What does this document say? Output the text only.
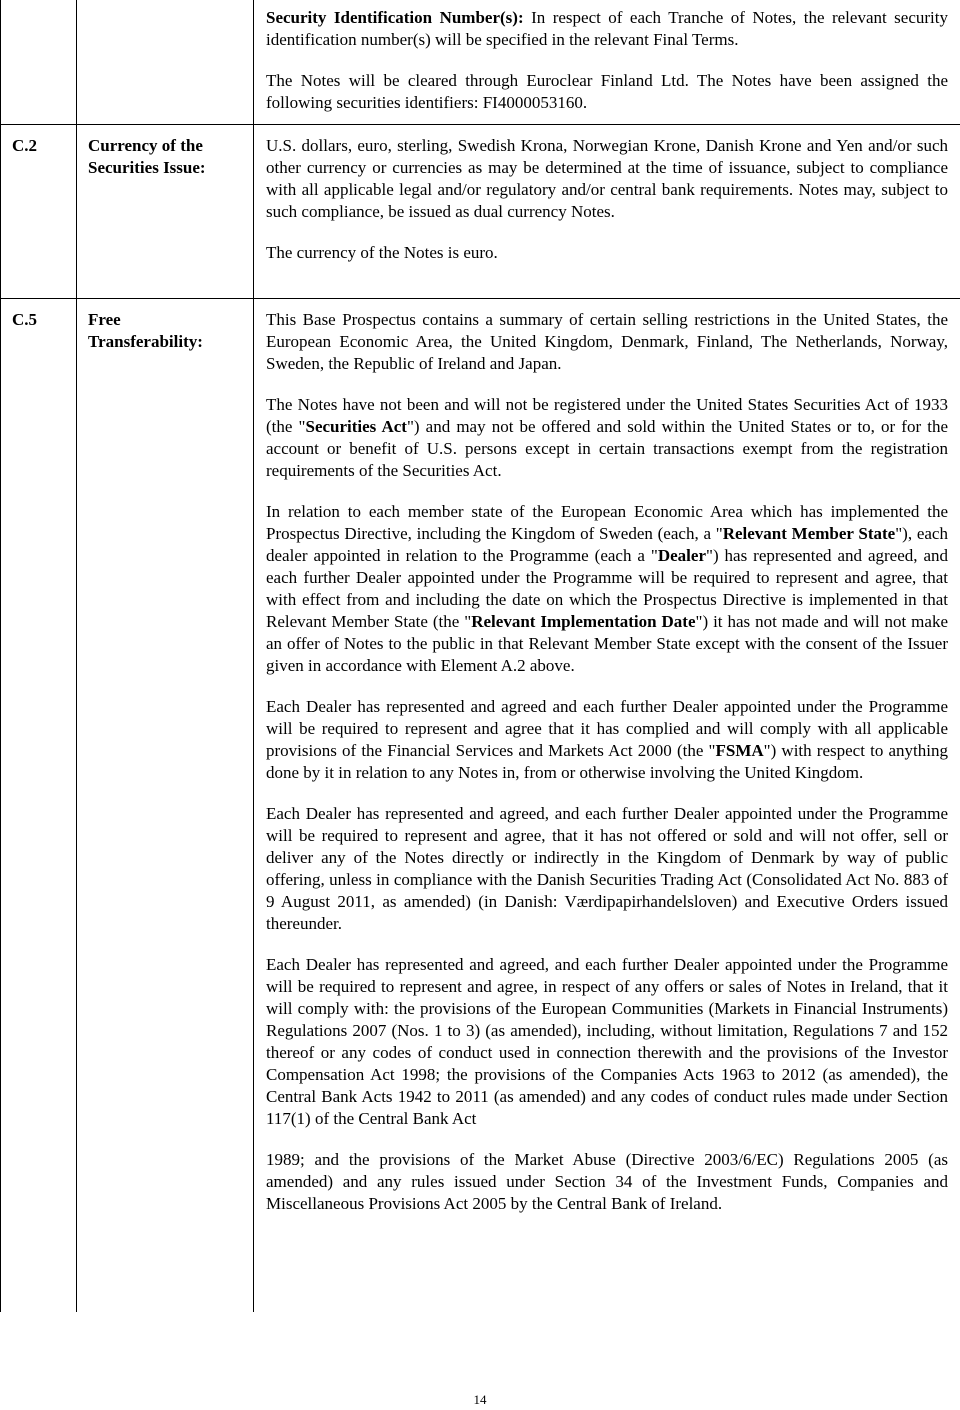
Security Identification Number(s): In respect of each Tranche of Notes, the relevant security identification number(s) will be specified in the relevant Final Terms.

The Notes will be cleared through Euroclear Finland Ltd. The Notes have been assigned the following securities identifiers: FI4000053160.

C.2	Currency of the Securities Issue:

U.S. dollars, euro, sterling, Swedish Krona, Norwegian Krone, Danish Krone and Yen and/or such other currency or currencies as may be determined at the time of issuance, subject to compliance with all applicable legal and/or regulatory and/or central bank requirements. Notes may, subject to such compliance, be issued as dual currency Notes.

The currency of the Notes is euro.

C.5	Free Transferability:

This Base Prospectus contains a summary of certain selling restrictions in the United States, the European Economic Area, the United Kingdom, Denmark, Finland, The Netherlands, Norway, Sweden, the Republic of Ireland and Japan.

The Notes have not been and will not be registered under the United States Securities Act of 1933 (the "Securities Act") and may not be offered and sold within the United States or to, or for the account or benefit of U.S. persons except in certain transactions exempt from the registration requirements of the Securities Act.

In relation to each member state of the European Economic Area which has implemented the Prospectus Directive, including the Kingdom of Sweden (each, a "Relevant Member State"), each dealer appointed in relation to the Programme (each a "Dealer") has represented and agreed, and each further Dealer appointed under the Programme will be required to represent and agree, that with effect from and including the date on which the Prospectus Directive is implemented in that Relevant Member State (the "Relevant Implementation Date") it has not made and will not make an offer of Notes to the public in that Relevant Member State except with the consent of the Issuer given in accordance with Element A.2 above.

Each Dealer has represented and agreed and each further Dealer appointed under the Programme will be required to represent and agree that it has complied and will comply with all applicable provisions of the Financial Services and Markets Act 2000 (the "FSMA") with respect to anything done by it in relation to any Notes in, from or otherwise involving the United Kingdom.

Each Dealer has represented and agreed, and each further Dealer appointed under the Programme will be required to represent and agree, that it has not offered or sold and will not offer, sell or deliver any of the Notes directly or indirectly in the Kingdom of Denmark by way of public offering, unless in compliance with the Danish Securities Trading Act (Consolidated Act No. 883 of 9 August 2011, as amended) (in Danish: Værdipapirhandelsloven) and Executive Orders issued thereunder.

Each Dealer has represented and agreed, and each further Dealer appointed under the Programme will be required to represent and agree, in respect of any offers or sales of Notes in Ireland, that it will comply with: the provisions of the European Communities (Markets in Financial Instruments) Regulations 2007 (Nos. 1 to 3) (as amended), including, without limitation, Regulations 7 and 152 thereof or any codes of conduct used in connection therewith and the provisions of the Investor Compensation Act 1998; the provisions of the Companies Acts 1963 to 2012 (as amended), the Central Bank Acts 1942 to 2011 (as amended) and any codes of conduct rules made under Section 117(1) of the Central Bank Act

1989; and the provisions of the Market Abuse (Directive 2003/6/EC) Regulations 2005 (as amended) and any rules issued under Section 34 of the Investment Funds, Companies and Miscellaneous Provisions Act 2005 by the Central Bank of Ireland.

14
